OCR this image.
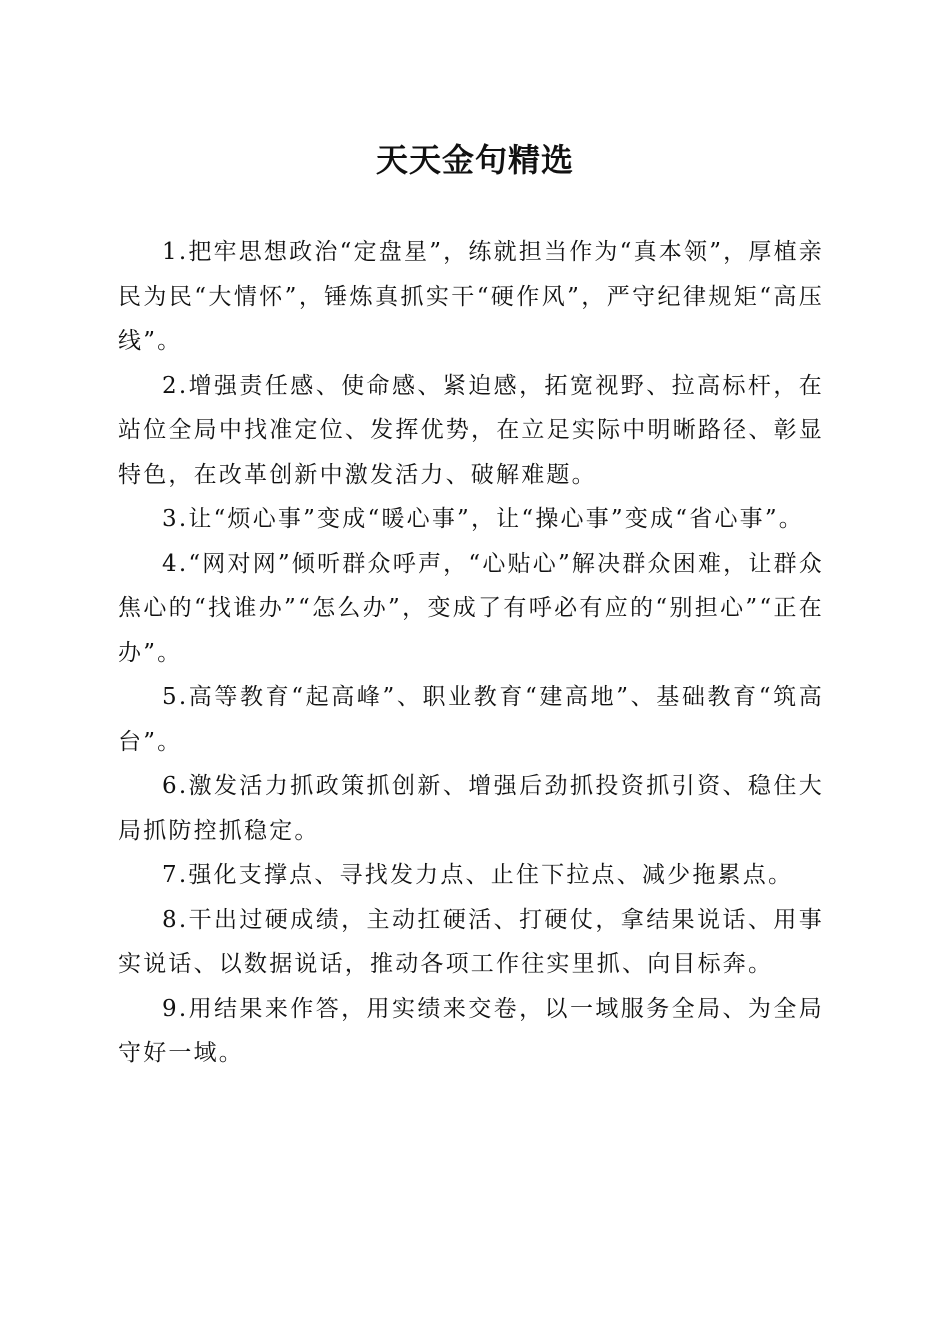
天天金句精选

1.把牢思想政治“定盘星”，练就担当作为“真本领”，厚植亲民为民“大情怀”，锤炼真抓实干“硬作风”，严守纪律规矩“高压线”。

2.增强责任感、使命感、紧迫感，拓宽视野、拉高标杆，在站位全局中找准定位、发挥优势，在立足实际中明晰路径、彰显特色，在改革创新中激发活力、破解难题。

3.让“烦心事”变成“暖心事”，让“操心事”变成“省心事”。

4.“网对网”倾听群众呼声，“心贴心”解决群众困难，让群众焦心的“找谁办”“怎么办”，变成了有呼必有应的“别担心”“正在办”。

5.高等教育“起高峰”、职业教育“建高地”、基础教育“筑高台”。

6.激发活力抓政策抓创新、增强后劲抓投资抓引资、稳住大局抓防控抓稳定。

7.强化支撑点、寻找发力点、止住下拉点、减少拖累点。

8.干出过硬成绩，主动扛硬活、打硬仗，拿结果说话、用事实说话、以数据说话，推动各项工作往实里抓、向目标奔。

9.用结果来作答，用实绩来交卷，以一域服务全局、为全局守好一域。
